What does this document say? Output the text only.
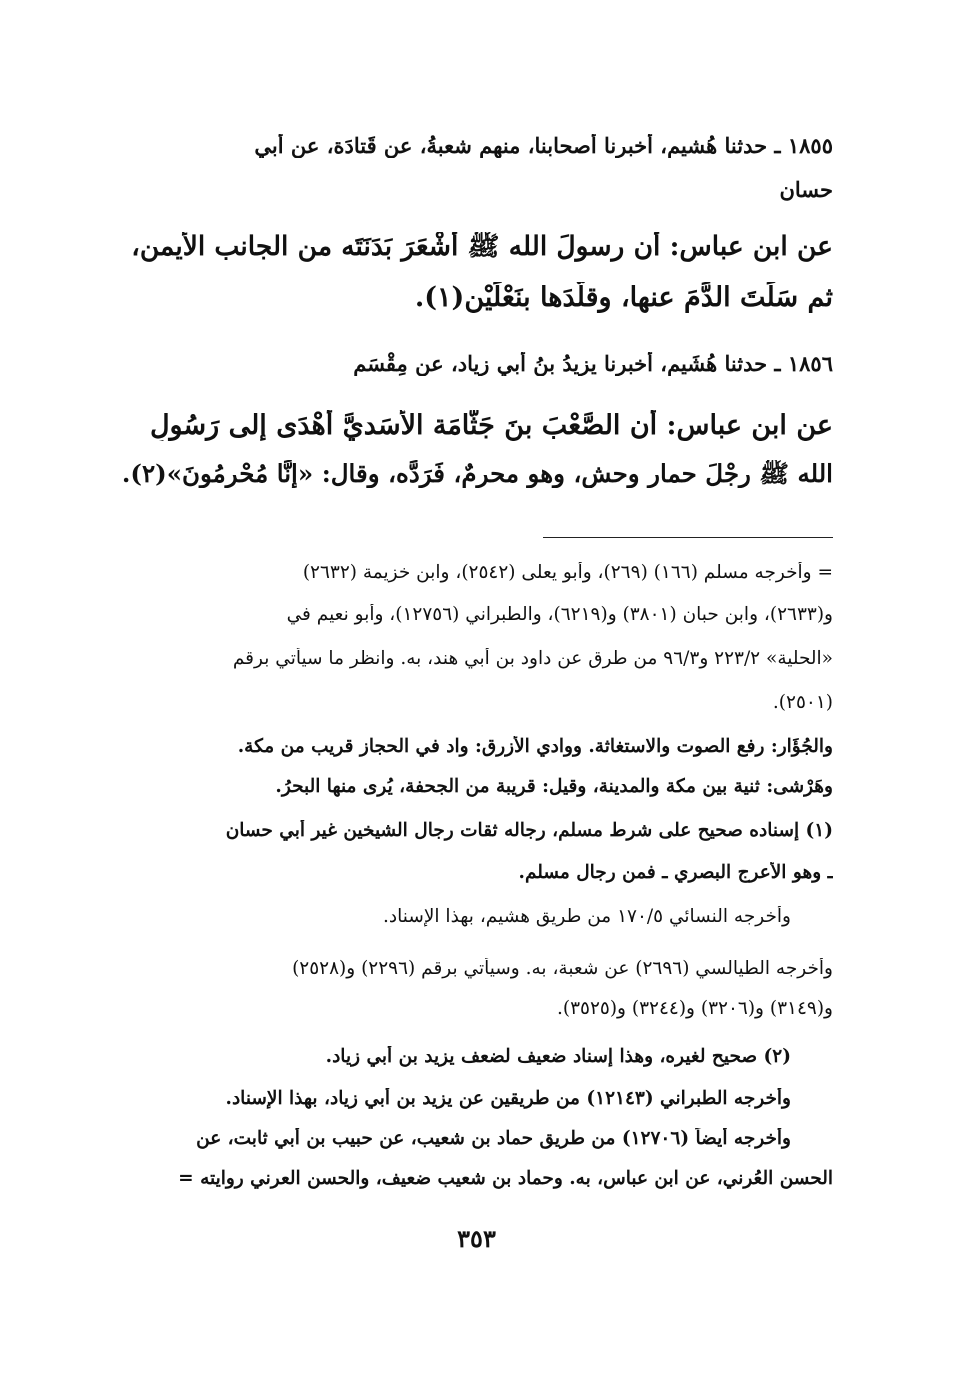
١٨٥٥ ـ حدثنا هُشيم، أخبرنا أصحابنا، منهم شعبةُ، عن قَتادَة، عن أبي
حسان
عن ابن عباس: أن رسولَ الله ﷺ أَشْعَرَ بَدَنَتَه من الجانب الأيمن،
ثم سَلَتَ الدَّمَ عنها، وقلَّدَها بنَعْلَيْن(١).
١٨٥٦ ـ حدثنا هُشَيم، أخبرنا يزيدُ بنُ أبي زياد، عن مِقْسَمٍ
عن ابن عباس: أن الصَّعْبَ بنَ جَثَّامَة الأَسَديَّ أَهْدَى إلى رَسُولِ
الله ﷺ رِجْلَ حمارِ وحشٍ، وهو محرمٌ، فَرَدَّه، وقال: «إنَّا مُحْرِمُونَ»(٢).
= وأخرجه مسلم (١٦٦) (٢٦٩)، وأبو يعلى (٢٥٤٢)، وابن خزيمة (٢٦٣٢)
و(٢٦٣٣)، وابن حبان (٣٨٠١) و(٦٢١٩)، والطبراني (١٢٧٥٦)، وأبو نعيم في
«الحلية» ٢٢٣/٢ و٩٦/٣ من طرق عن داود بن أبي هند، به. وانظر ما سيأتي برقم
(٢٥٠١).
والجُؤَار: رفع الصوت والاستغاثة. ووادي الأزرق: واد في الحجاز قريب من مكة.
وهَرْشى: ثنية بين مكة والمدينة، وقيل: قريبة من الجحفة، يُرى منها البحرُ.
(١) إسناده صحيح على شرط مسلم، رجاله ثقات رجال الشيخين غير أبي حسان
ـ وهو الأعرج البصري ـ فمن رجال مسلم.
وأخرجه النسائي ١٧٠/٥ من طريق هشيم، بهذا الإسناد.
وأخرجه الطيالسي (٢٦٩٦) عن شعبة، به. وسيأتي برقم (٢٢٩٦) و(٢٥٢٨)
و(٣١٤٩) و(٣٢٠٦) و(٣٢٤٤) و(٣٥٢٥).
(٢) صحيح لغيره، وهذا إسناد ضعيف لضعف يزيد بن أبي زياد.
وأخرجه الطبراني (١٢١٤٣) من طريقين عن يزيد بن أبي زياد، بهذا الإسناد.
وأخرجه أيضاً (١٢٧٠٦) من طريق حماد بن شعيب، عن حبيب بن أبي ثابت، عن
الحسن العُرني، عن ابن عباس، به. وحماد بن شعيب ضعيف، والحسن العرني روايته =
٣٥٣
